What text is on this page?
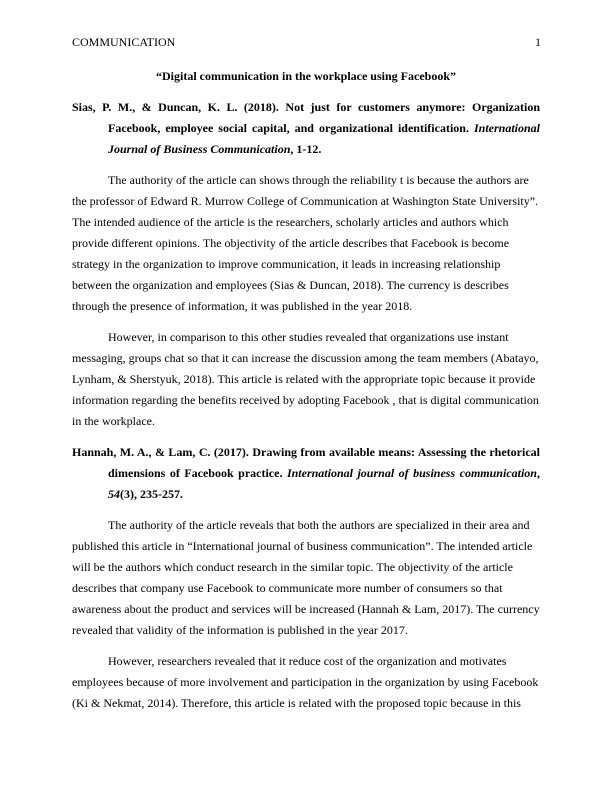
COMMUNICATION	1
“Digital communication in the workplace using Facebook”

Sias, P. M., & Duncan, K. L. (2018). Not just for customers anymore: Organization Facebook, employee social capital, and organizational identification. International Journal of Business Communication, 1-12.

The authority of the article can shows through the reliability t is because the authors are the professor of Edward R. Murrow College of Communication at Washington State University”. The intended audience of the article is the researchers, scholarly articles and authors which provide different opinions. The objectivity of the article describes that Facebook is become strategy in the organization to improve communication, it leads in increasing relationship between the organization and employees (Sias & Duncan, 2018). The currency is describes through the presence of information, it was published in the year 2018.

However, in comparison to this other studies revealed that organizations use instant messaging, groups chat so that it can increase the discussion among the team members (Abatayo, Lynham, & Sherstyuk, 2018). This article is related with the appropriate topic because it provide information regarding the benefits received by adopting Facebook , that is digital communication in the workplace.

Hannah, M. A., & Lam, C. (2017). Drawing from available means: Assessing the rhetorical dimensions of Facebook practice. International journal of business communication, 54(3), 235-257.

The authority of the article reveals that both the authors are specialized in their area and published this article in “International journal of business communication”. The intended article will be the authors which conduct research in the similar topic. The objectivity of the article describes that company use Facebook to communicate more number of consumers so that awareness about the product and services will be increased (Hannah & Lam, 2017). The currency revealed that validity of the information is published in the year 2017.

However, researchers revealed that it reduce cost of the organization and motivates employees because of more involvement and participation in the organization by using Facebook (Ki & Nekmat, 2014). Therefore, this article is related with the proposed topic because in this
